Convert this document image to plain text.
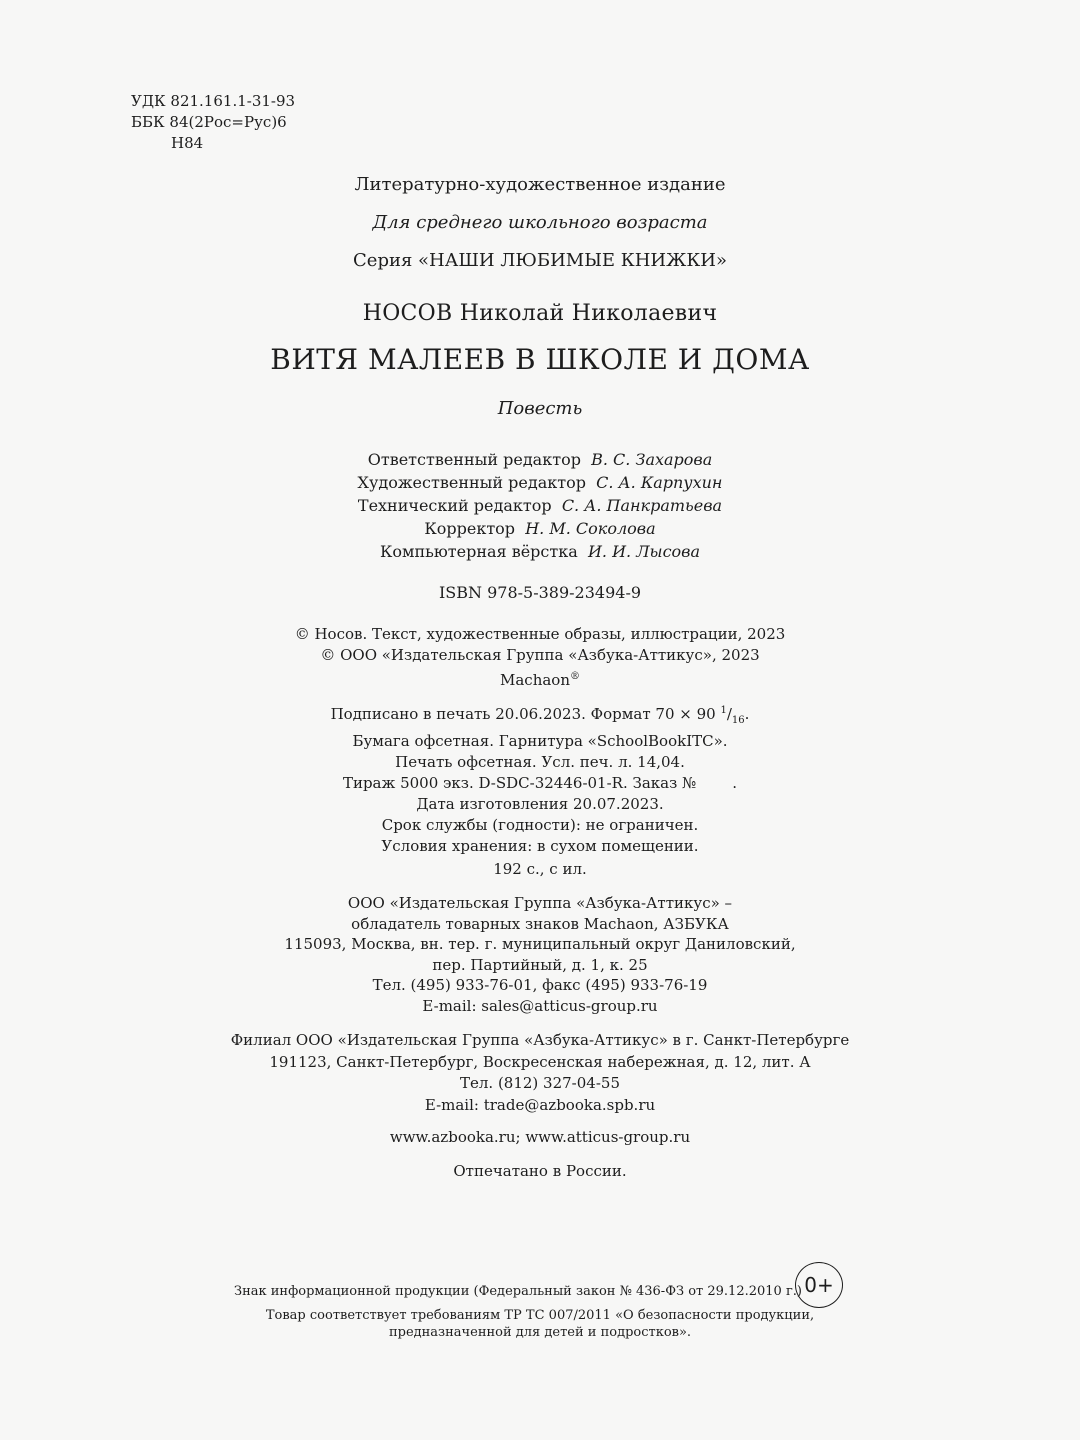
УДК 821.161.1-31-93
ББК 84(2Рос=Рус)6
Н84
Литературно-художественное издание
Для среднего школьного возраста
Серия «НАШИ ЛЮБИМЫЕ КНИЖКИ»
НОСОВ Николай Николаевич
ВИТЯ МАЛЕЕВ В ШКОЛЕ И ДОМА
Повесть
Ответственный редактор В. С. Захарова
Художественный редактор С. А. Карпухин
Технический редактор С. А. Панкратьева
Корректор Н. М. Соколова
Компьютерная вёрстка И. И. Лысова
ISBN 978-5-389-23494-9
© Носов. Текст, художественные образы, иллюстрации, 2023
© ООО «Издательская Группа «Азбука-Аттикус», 2023
Machaon®
Подписано в печать 20.06.2023. Формат 70 × 90 $^1/_{16}$.
Бумага офсетная. Гарнитура «SchoolBookITC».
Печать офсетная. Усл. печ. л. 14,04.
Тираж 5000 экз. D-SDC-32446-01-R. Заказ № .
Дата изготовления 20.07.2023.
Срок службы (годности): не ограничен.
Условия хранения: в сухом помещении.
192 с., с ил.
ООО «Издательская Группа «Азбука-Аттикус» –
обладатель товарных знаков Machaon, АЗБУКА
115093, Москва, вн. тер. г. муниципальный округ Даниловский,
пер. Партийный, д. 1, к. 25
Тел. (495) 933-76-01, факс (495) 933-76-19
E-mail: sales@atticus-group.ru
Филиал ООО «Издательская Группа «Азбука-Аттикус» в г. Санкт-Петербурге
191123, Санкт-Петербург, Воскресенская набережная, д. 12, лит. А
Тел. (812) 327-04-55
E-mail: trade@azbooka.spb.ru
www.azbooka.ru; www.atticus-group.ru
Отпечатано в России.
Знак информационной продукции (Федеральный закон № 436-ФЗ от 29.12.2010 г.) 0+
Товар соответствует требованиям ТР ТС 007/2011 «О безопасности продукции,
предназначенной для детей и подростков».
